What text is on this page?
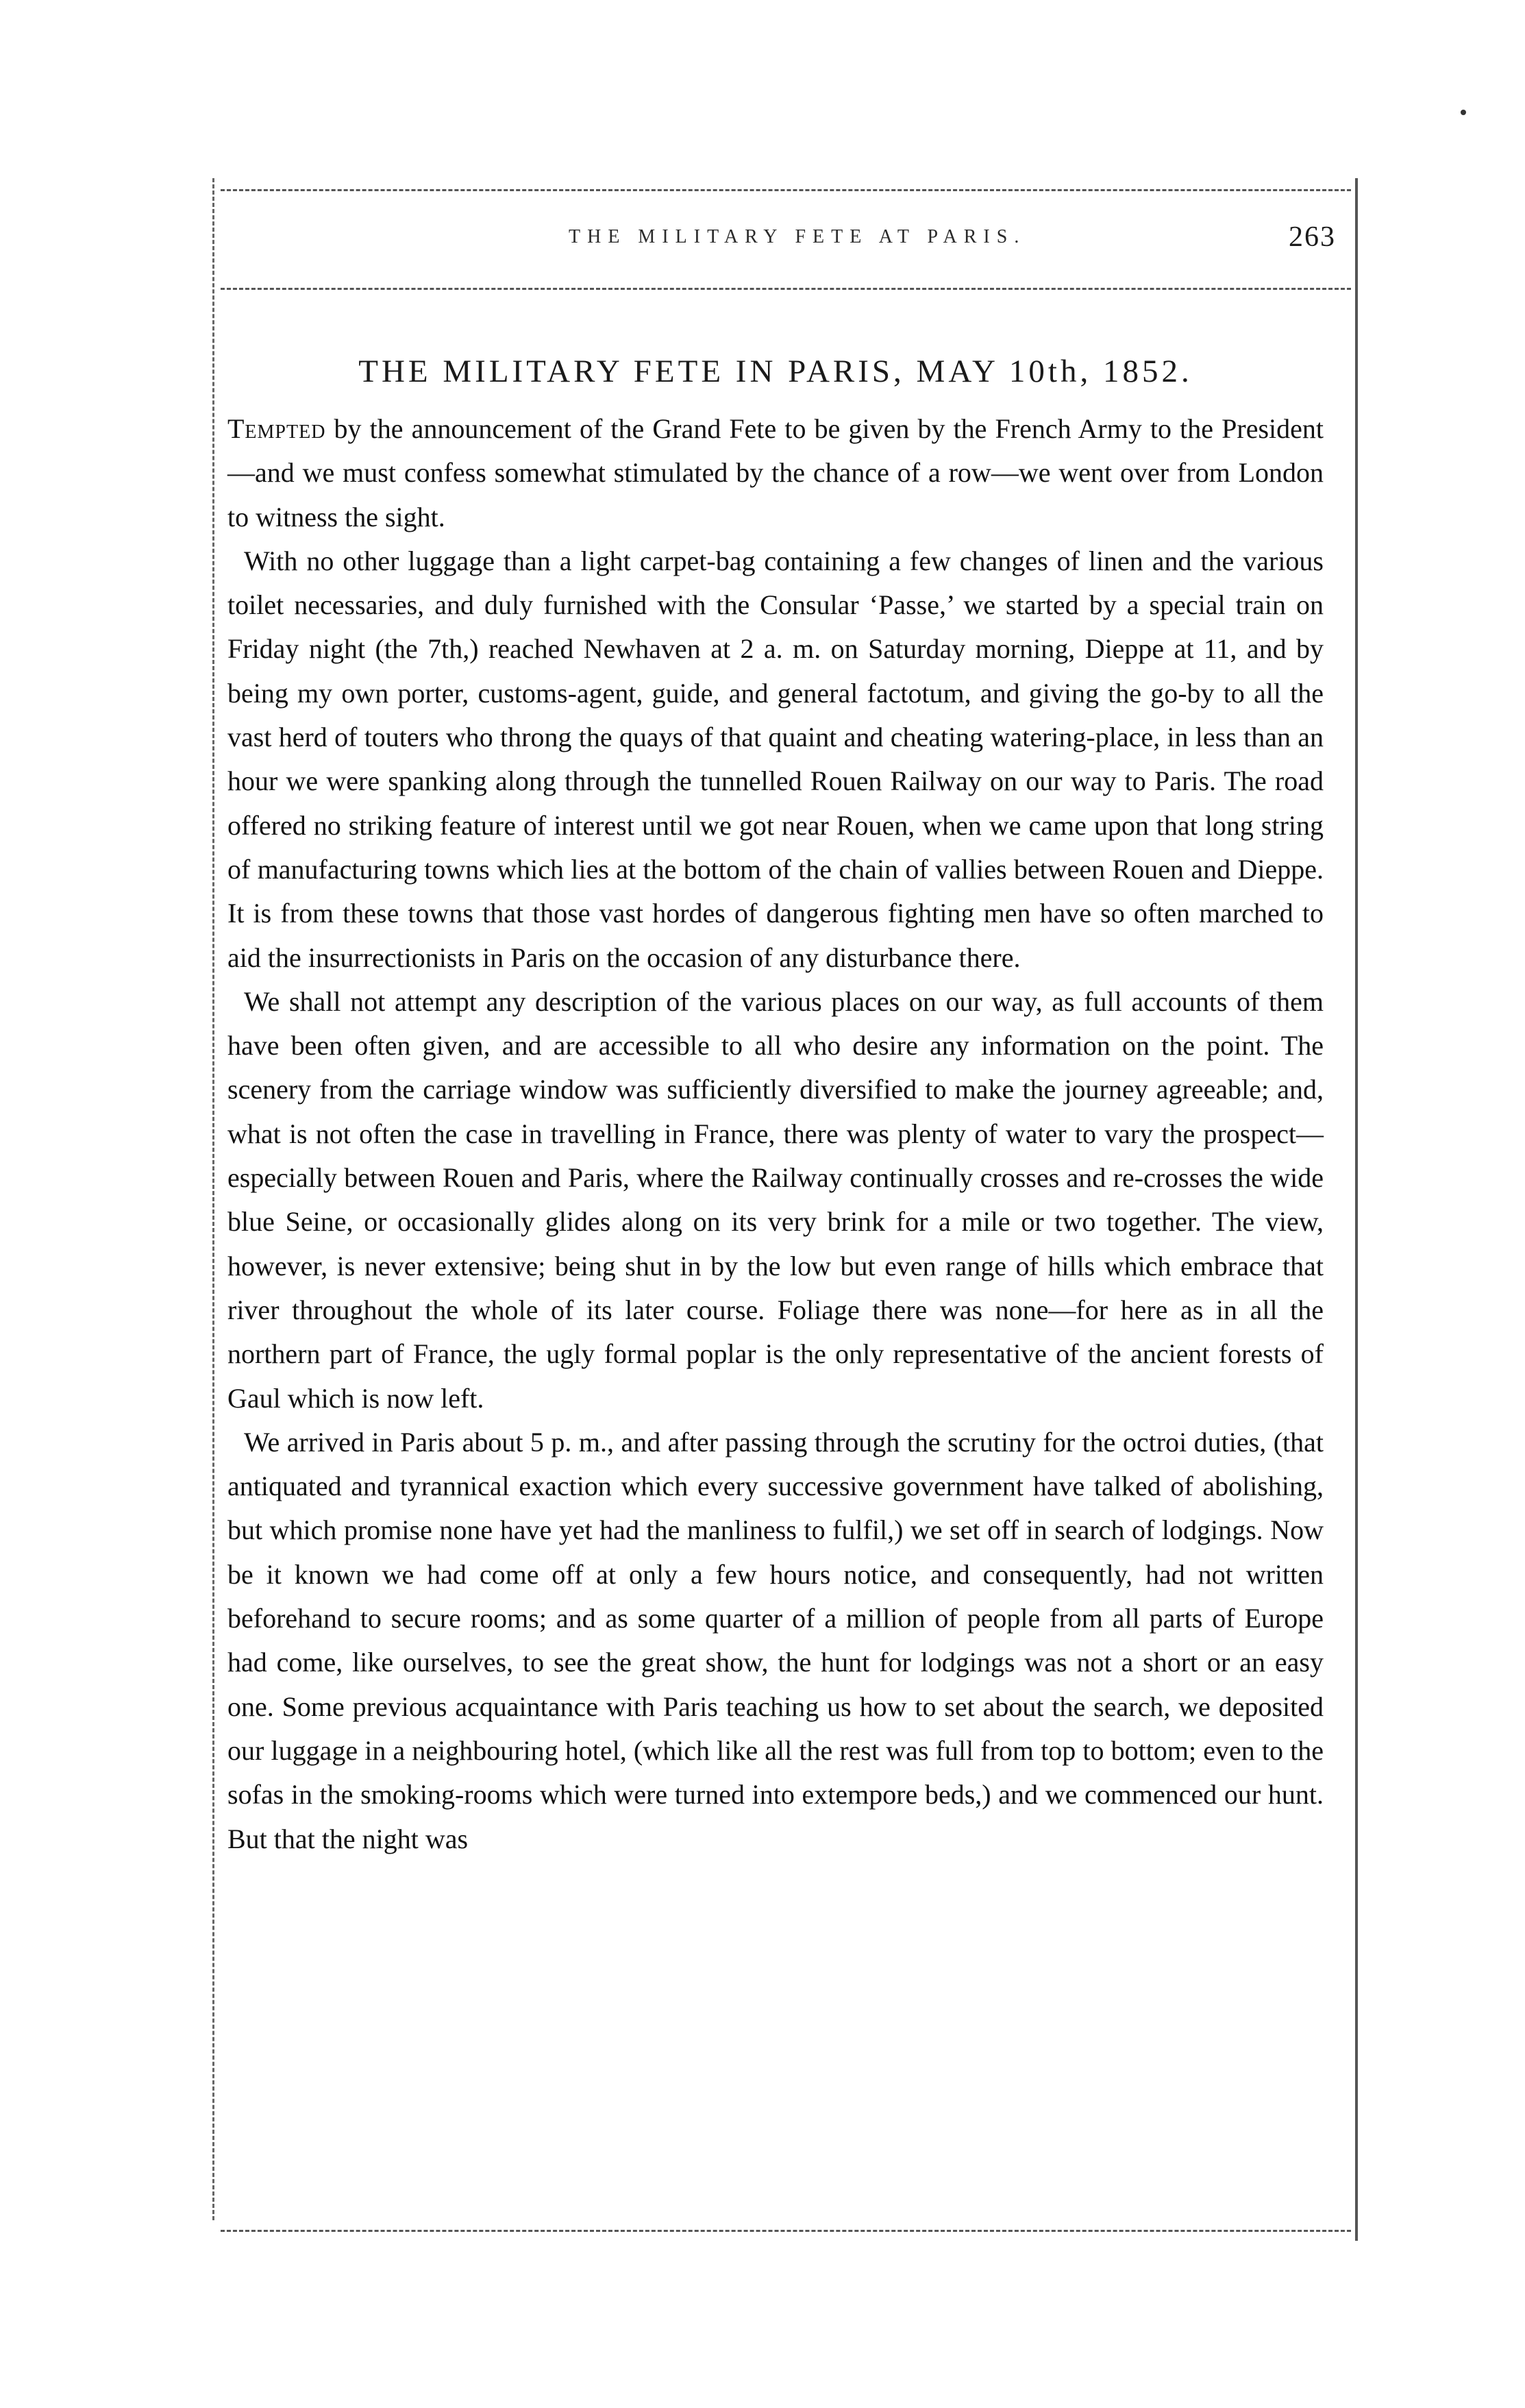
THE MILITARY FETE AT PARIS.	263
THE MILITARY FETE IN PARIS, MAY 10th, 1852.

Tempted by the announcement of the Grand Fete to be given by the French Army to the President—and we must confess somewhat stimulated by the chance of a row—we went over from London to witness the sight.

With no other luggage than a light carpet-bag containing a few changes of linen and the various toilet necessaries, and duly furnished with the Consular ‘Passe,’ we started by a special train on Friday night (the 7th,) reached Newhaven at 2 a. m. on Saturday morning, Dieppe at 11, and by being my own porter, customs-agent, guide, and general factotum, and giving the go-by to all the vast herd of touters who throng the quays of that quaint and cheating watering-place, in less than an hour we were spanking along through the tunnelled Rouen Railway on our way to Paris. The road offered no striking feature of interest until we got near Rouen, when we came upon that long string of manufacturing towns which lies at the bottom of the chain of vallies between Rouen and Dieppe. It is from these towns that those vast hordes of dangerous fighting men have so often marched to aid the insurrectionists in Paris on the occasion of any disturbance there.

We shall not attempt any description of the various places on our way, as full accounts of them have been often given, and are accessible to all who desire any information on the point. The scenery from the carriage window was sufficiently diversified to make the journey agreeable; and, what is not often the case in travelling in France, there was plenty of water to vary the prospect—especially between Rouen and Paris, where the Railway continually crosses and re-crosses the wide blue Seine, or occasionally glides along on its very brink for a mile or two together. The view, however, is never extensive; being shut in by the low but even range of hills which embrace that river throughout the whole of its later course. Foliage there was none—for here as in all the northern part of France, the ugly formal poplar is the only representative of the ancient forests of Gaul which is now left.

We arrived in Paris about 5 p. m., and after passing through the scrutiny for the octroi duties, (that antiquated and tyrannical exaction which every successive government have talked of abolishing, but which promise none have yet had the manliness to fulfil,) we set off in search of lodgings. Now be it known we had come off at only a few hours notice, and consequently, had not written beforehand to secure rooms; and as some quarter of a million of people from all parts of Europe had come, like ourselves, to see the great show, the hunt for lodgings was not a short or an easy one. Some previous acquaintance with Paris teaching us how to set about the search, we deposited our luggage in a neighbouring hotel, (which like all the rest was full from top to bottom; even to the sofas in the smoking-rooms which were turned into extempore beds,) and we commenced our hunt. But that the night was
